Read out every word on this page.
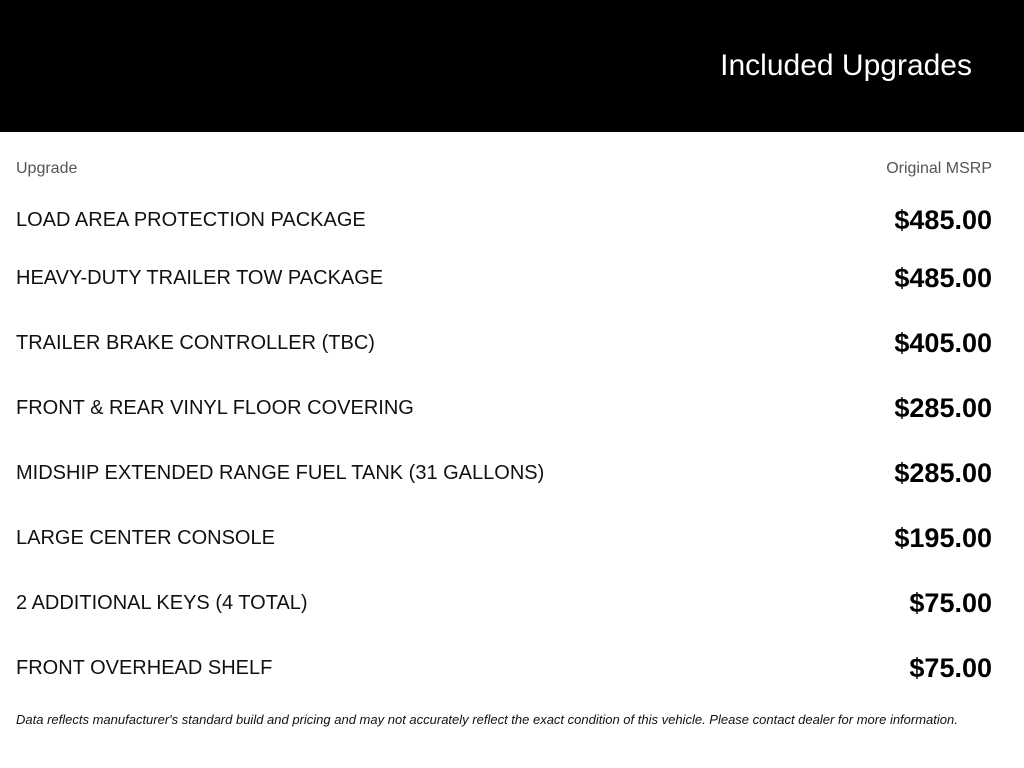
Included Upgrades
Upgrade	Original MSRP
LOAD AREA PROTECTION PACKAGE	$485.00
HEAVY-DUTY TRAILER TOW PACKAGE	$485.00
TRAILER BRAKE CONTROLLER (TBC)	$405.00
FRONT & REAR VINYL FLOOR COVERING	$285.00
MIDSHIP EXTENDED RANGE FUEL TANK (31 GALLONS)	$285.00
LARGE CENTER CONSOLE	$195.00
2 ADDITIONAL KEYS (4 TOTAL)	$75.00
FRONT OVERHEAD SHELF	$75.00
Data reflects manufacturer's standard build and pricing and may not accurately reflect the exact condition of this vehicle. Please contact dealer for more information.
